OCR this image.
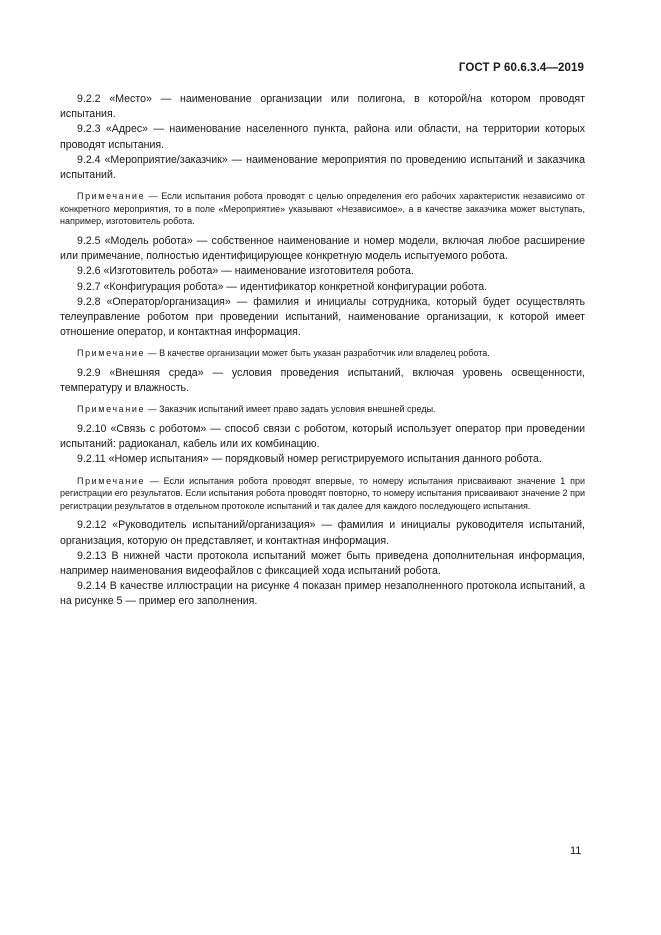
ГОСТ Р 60.6.3.4—2019

9.2.2 «Место» — наименование организации или полигона, в которой/на котором проводят испытания.

9.2.3 «Адрес» — наименование населенного пункта, района или области, на территории которых проводят испытания.

9.2.4 «Мероприятие/заказчик» — наименование мероприятия по проведению испытаний и заказчика испытаний.

Примечание — Если испытания робота проводят с целью определения его рабочих характеристик независимо от конкретного мероприятия, то в поле «Мероприятие» указывают «Независимое», а в качестве заказчика может выступать, например, изготовитель робота.

9.2.5 «Модель робота» — собственное наименование и номер модели, включая любое расширение или примечание, полностью идентифицирующее конкретную модель испытуемого робота.

9.2.6 «Изготовитель робота» — наименование изготовителя робота.

9.2.7 «Конфигурация робота» — идентификатор конкретной конфигурации робота.

9.2.8 «Оператор/организация» — фамилия и инициалы сотрудника, который будет осуществлять телеуправление роботом при проведении испытаний, наименование организации, к которой имеет отношение оператор, и контактная информация.

Примечание — В качестве организации может быть указан разработчик или владелец робота.

9.2.9 «Внешняя среда» — условия проведения испытаний, включая уровень освещенности, температуру и влажность.

Примечание — Заказчик испытаний имеет право задать условия внешней среды.

9.2.10 «Связь с роботом» — способ связи с роботом, который использует оператор при проведении испытаний: радиоканал, кабель или их комбинацию.

9.2.11 «Номер испытания» — порядковый номер регистрируемого испытания данного робота.

Примечание — Если испытания робота проводят впервые, то номеру испытания присваивают значение 1 при регистрации его результатов. Если испытания робота проводят повторно, то номеру испытания присваивают значение 2 при регистрации результатов в отдельном протоколе испытаний и так далее для каждого последующего испытания.

9.2.12 «Руководитель испытаний/организация» — фамилия и инициалы руководителя испытаний, организация, которую он представляет, и контактная информация.

9.2.13 В нижней части протокола испытаний может быть приведена дополнительная информация, например наименования видеофайлов с фиксацией хода испытаний робота.

9.2.14 В качестве иллюстрации на рисунке 4 показан пример незаполненного протокола испытаний, а на рисунке 5 — пример его заполнения.

11
